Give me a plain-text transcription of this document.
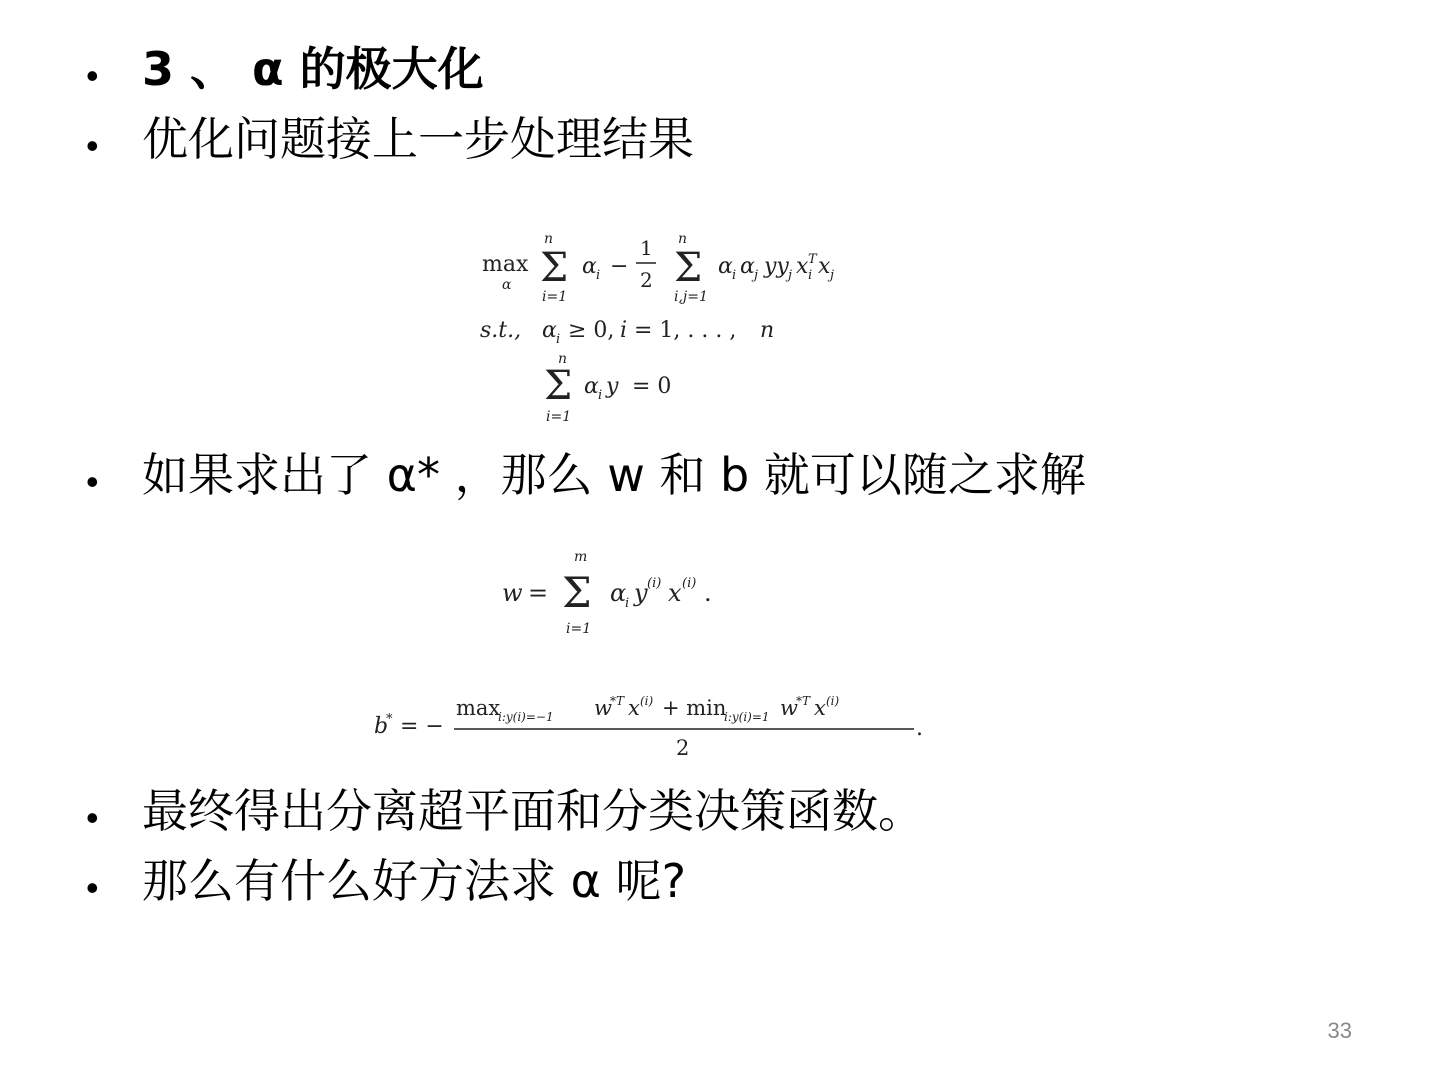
• 3 、 α 的极大化
• 优化问题接上一步处理结果
max
α
n
Σ
i=1
α i −
1
2
n
Σ
i,j=1
α i α j yy j x T
i x j
s.t., α i ≥ 0, i = 1, . . . , n
n
Σ
i=1
α i y = 0
• 如果求出了 α* ，那么 w 和 b 就可以随之求解
w =
m
Σ
i=1
α
i y (i) x (i) .
b
* = −
max
i:y(i)=−1 w
*T x (i) + min
i:y(i)=1 w
*T x (i)
2
.
• 最终得出分离超平面和分类决策函数。
• 那么有什么好方法求 α 呢?
33
